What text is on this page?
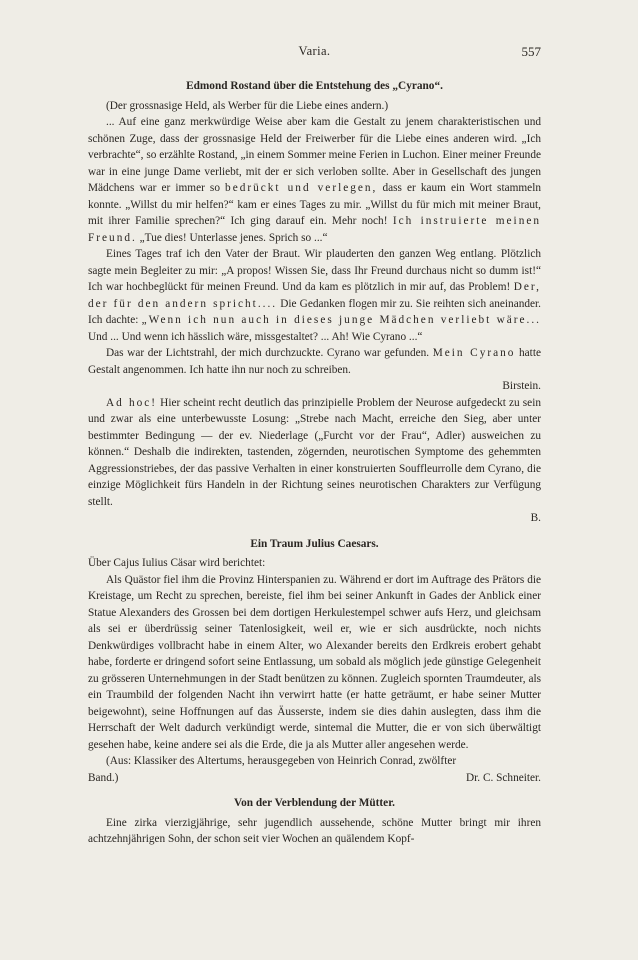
Varia.	557
Edmond Rostand über die Entstehung des „Cyrano“.

(Der grossnasige Held, als Werber für die Liebe eines andern.)

... Auf eine ganz merkwürdige Weise aber kam die Gestalt zu jenem charakteristischen und schönen Zuge, dass der grossnasige Held der Freiwerber für die Liebe eines anderen wird. „Ich verbrachte“, so erzählte Rostand, „in einem Sommer meine Ferien in Luchon. Einer meiner Freunde war in eine junge Dame verliebt, mit der er sich verloben sollte. Aber in Gesellschaft des jungen Mädchens war er immer so bedrückt und verlegen, dass er kaum ein Wort stammeln konnte. „Willst du mir helfen?“ kam er eines Tages zu mir. „Willst du für mich mit meiner Braut, mit ihrer Familie sprechen?“ Ich ging darauf ein. Mehr noch! Ich instruierte meinen Freund. „Tue dies! Unterlasse jenes. Sprich so ...“

Eines Tages traf ich den Vater der Braut. Wir plauderten den ganzen Weg entlang. Plötzlich sagte mein Begleiter zu mir: „A propos! Wissen Sie, dass Ihr Freund durchaus nicht so dumm ist!“ Ich war hochbeglückt für meinen Freund. Und da kam es plötzlich in mir auf, das Problem! Der, der für den andern spricht.... Die Gedanken flogen mir zu. Sie reihten sich aneinander. Ich dachte: „Wenn ich nun auch in dieses junge Mädchen verliebt wäre... Und ... Und wenn ich hässlich wäre, missgestaltet? ... Ah! Wie Cyrano ...“

Das war der Lichtstrahl, der mich durchzuckte. Cyrano war gefunden. Mein Cyrano hatte Gestalt angenommen. Ich hatte ihn nur noch zu schreiben.

Birstein.

Ad hoc! Hier scheint recht deutlich das prinzipielle Problem der Neurose aufgedeckt zu sein und zwar als eine unterbewusste Losung: „Strebe nach Macht, erreiche den Sieg, aber unter bestimmter Bedingung — der ev. Niederlage („Furcht vor der Frau“, Adler) ausweichen zu können.“ Deshalb die indirekten, tastenden, zögernden, neurotischen Symptome des gehemmten Aggressionstriebes, der das passive Verhalten in einer konstruierten Souffleurrolle dem Cyrano, die einzige Möglichkeit fürs Handeln in der Richtung seines neurotischen Charakters zur Verfügung stellt.

B.

Ein Traum Julius Caesars.

Über Cajus Iulius Cäsar wird berichtet:

Als Quästor fiel ihm die Provinz Hinterspanien zu. Während er dort im Auftrage des Prätors die Kreistage, um Recht zu sprechen, bereiste, fiel ihm bei seiner Ankunft in Gades der Anblick einer Statue Alexanders des Grossen bei dem dortigen Herkulestempel schwer aufs Herz, und gleichsam als sei er überdrüssig seiner Tatenlosigkeit, weil er, wie er sich ausdrückte, noch nichts Denkwürdiges vollbracht habe in einem Alter, wo Alexander bereits den Erdkreis erobert gehabt habe, forderte er dringend sofort seine Entlassung, um sobald als möglich jede günstige Gelegenheit zu grösseren Unternehmungen in der Stadt benützen zu können. Zugleich spornten Traumdeuter, als ein Traumbild der folgenden Nacht ihn verwirrt hatte (er hatte geträumt, er habe seiner Mutter beigewohnt), seine Hoffnungen auf das Äusserste, indem sie dies dahin auslegten, dass ihm die Herrschaft der Welt dadurch verkündigt werde, sintemal die Mutter, die er von sich überwältigt gesehen habe, keine andere sei als die Erde, die ja als Mutter aller angesehen werde.

(Aus: Klassiker des Altertums, herausgegeben von Heinrich Conrad, zwölfter

Band.)	Dr. C. Schneiter.
Von der Verblendung der Mütter.

Eine zirka vierzigjährige, sehr jugendlich aussehende, schöne Mutter bringt mir ihren achtzehnjährigen Sohn, der schon seit vier Wochen an quälendem Kopf-
